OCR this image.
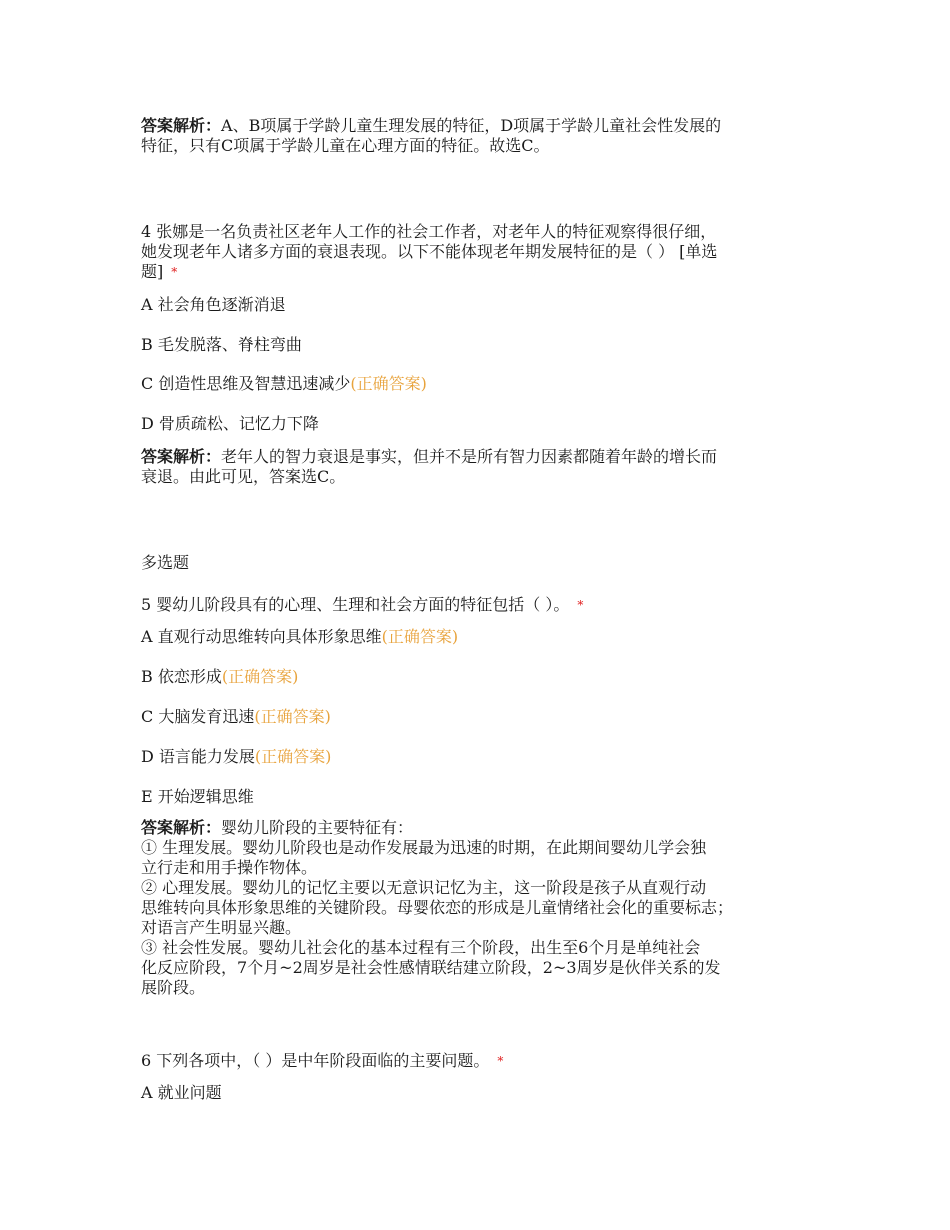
答案解析：A、B项属于学龄儿童生理发展的特征，D项属于学龄儿童社会性发展的

特征，只有C项属于学龄儿童在心理方面的特征。故选C。

4 张娜是一名负责社区老年人工作的社会工作者，对老年人的特征观察得很仔细，
她发现老年人诸多方面的衰退表现。以下不能体现老年期发展特征的是（ ） [单选
题] *
A 社会角色逐渐消退
B 毛发脱落、脊柱弯曲
C 创造性思维及智慧迅速减少(正确答案)
D 骨质疏松、记忆力下降

答案解析：老年人的智力衰退是事实，但并不是所有智力因素都随着年龄的增长而

衰退。由此可见，答案选C。

多选题
5 婴幼儿阶段具有的心理、生理和社会方面的特征包括（ ）。 *
A 直观行动思维转向具体形象思维(正确答案)
B 依恋形成(正确答案)
C 大脑发育迅速(正确答案)
D 语言能力发展(正确答案)
E 开始逻辑思维

答案解析：婴幼儿阶段的主要特征有：

① 生理发展。婴幼儿阶段也是动作发展最为迅速的时期，在此期间婴幼儿学会独

立行走和用手操作物体。

② 心理发展。婴幼儿的记忆主要以无意识记忆为主，这一阶段是孩子从直观行动

思维转向具体形象思维的关键阶段。母婴依恋的形成是儿童情绪社会化的重要标志；

对语言产生明显兴趣。

③ 社会性发展。婴幼儿社会化的基本过程有三个阶段，出生至6个月是单纯社会

化反应阶段，7个月~2周岁是社会性感情联结建立阶段，2~3周岁是伙伴关系的发

展阶段。

6 下列各项中，（ ）是中年阶段面临的主要问题。 *
A 就业问题
